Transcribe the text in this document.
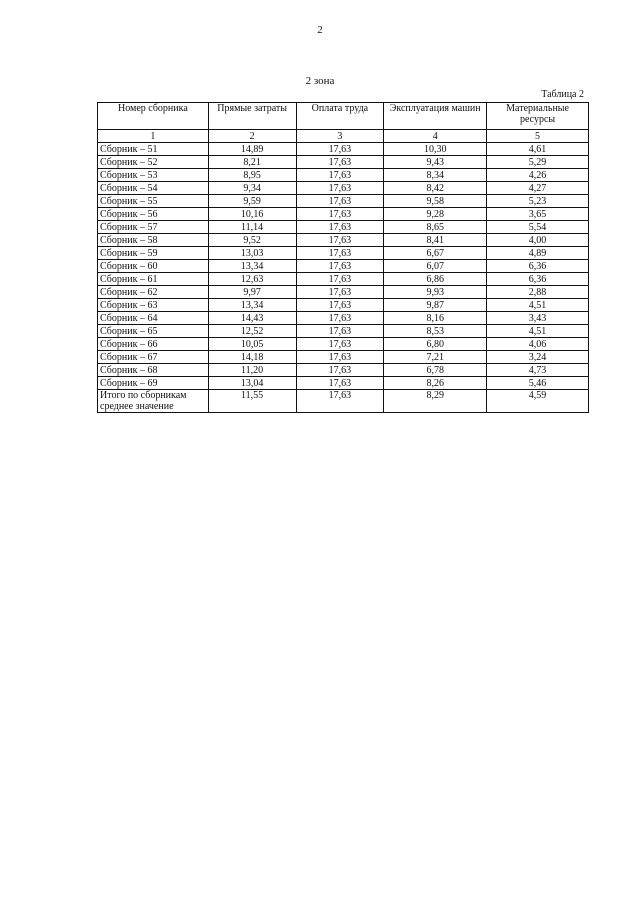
2
2 зона
Таблица 2
Номер сборника	Прямые затраты	Оплата труда	Эксплуатация машин	Материальные ресурсы
1	2	3	4	5
Сборник – 51	14,89	17,63	10,30	4,61
Сборник – 52	8,21	17,63	9,43	5,29
Сборник – 53	8,95	17,63	8,34	4,26
Сборник – 54	9,34	17,63	8,42	4,27
Сборник – 55	9,59	17,63	9,58	5,23
Сборник – 56	10,16	17,63	9,28	3,65
Сборник – 57	11,14	17,63	8,65	5,54
Сборник – 58	9,52	17,63	8,41	4,00
Сборник – 59	13,03	17,63	6,67	4,89
Сборник – 60	13,34	17,63	6,07	6,36
Сборник – 61	12,63	17,63	6,86	6,36
Сборник – 62	9,97	17,63	9,93	2,88
Сборник – 63	13,34	17,63	9,87	4,51
Сборник – 64	14,43	17,63	8,16	3,43
Сборник – 65	12,52	17,63	8,53	4,51
Сборник – 66	10,05	17,63	6,80	4,06
Сборник – 67	14,18	17,63	7,21	3,24
Сборник – 68	11,20	17,63	6,78	4,73
Сборник – 69	13,04	17,63	8,26	5,46

Итого по сборникам
среднее значение	11,55	17,63	8,29	4,59
